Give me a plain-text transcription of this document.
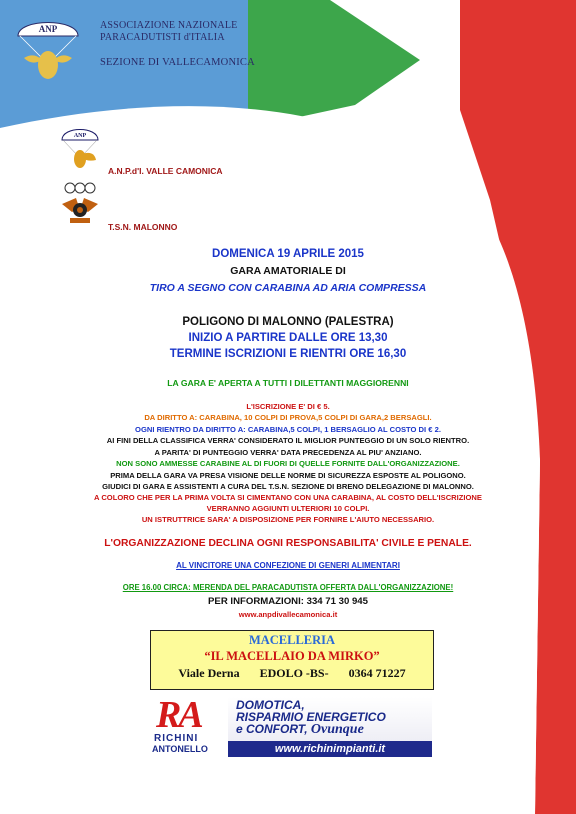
ANP	ASSOCIAZIONE NAZIONALE
PARACADUTISTI d'ITALIA
SEZIONE DI VALLECAMONICA
ANP
A.N.P.d'I. VALLE CAMONICA
T.S.N. MALONNO
DOMENICA 19 APRILE 2015
GARA AMATORIALE DI
TIRO A SEGNO CON CARABINA AD ARIA COMPRESSA
POLIGONO DI MALONNO (PALESTRA)
INIZIO A PARTIRE DALLE ORE 13,30
TERMINE ISCRIZIONI E RIENTRI ORE 16,30
LA GARA E' APERTA A TUTTI I DILETTANTI MAGGIORENNI
L'ISCRIZIONE E' DI € 5.
DA DIRITTO A: CARABINA, 10 COLPI DI PROVA,5 COLPI DI GARA,2 BERSAGLI.
OGNI RIENTRO DA DIRITTO A: CARABINA,5 COLPI, 1 BERSAGLIO AL COSTO DI € 2.
AI FINI DELLA CLASSIFICA VERRA' CONSIDERATO IL MIGLIOR PUNTEGGIO DI UN SOLO RIENTRO.
A PARITA' DI PUNTEGGIO VERRA' DATA PRECEDENZA AL PIU' ANZIANO.
NON SONO AMMESSE CARABINE AL DI FUORI DI QUELLE FORNITE DALL'ORGANIZZAZIONE.
PRIMA DELLA GARA VA PRESA VISIONE DELLE NORME DI SICUREZZA ESPOSTE AL POLIGONO.
GIUDICI DI GARA E ASSISTENTI A CURA DEL T.S.N. SEZIONE DI BRENO DELEGAZIONE DI MALONNO.
A COLORO CHE PER LA PRIMA VOLTA SI CIMENTANO CON UNA CARABINA, AL COSTO DELL'ISCRIZIONE
VERRANNO AGGIUNTI ULTERIORI 10 COLPI.
UN ISTRUTTRICE SARA' A DISPOSIZIONE PER FORNIRE L'AIUTO NECESSARIO.
L'ORGANIZZAZIONE DECLINA OGNI RESPONSABILITA' CIVILE E PENALE.
AL VINCITORE UNA CONFEZIONE DI GENERI ALIMENTARI
ORE 16.00 CIRCA: MERENDA DEL PARACADUTISTA OFFERTA DALL'ORGANIZZAZIONE!
PER INFORMAZIONI: 334 71 30 945
www.anpdivallecamonica.it
MACELLERIA
“IL MACELLAIO DA MIRKO”
Viale Derna EDOLO -BS- 0364 71227
RA
RICHINI
ANTONELLO
DOMOTICA,
RISPARMIO ENERGETICO
e CONFORT, Ovunque
www.richinimpianti.it
